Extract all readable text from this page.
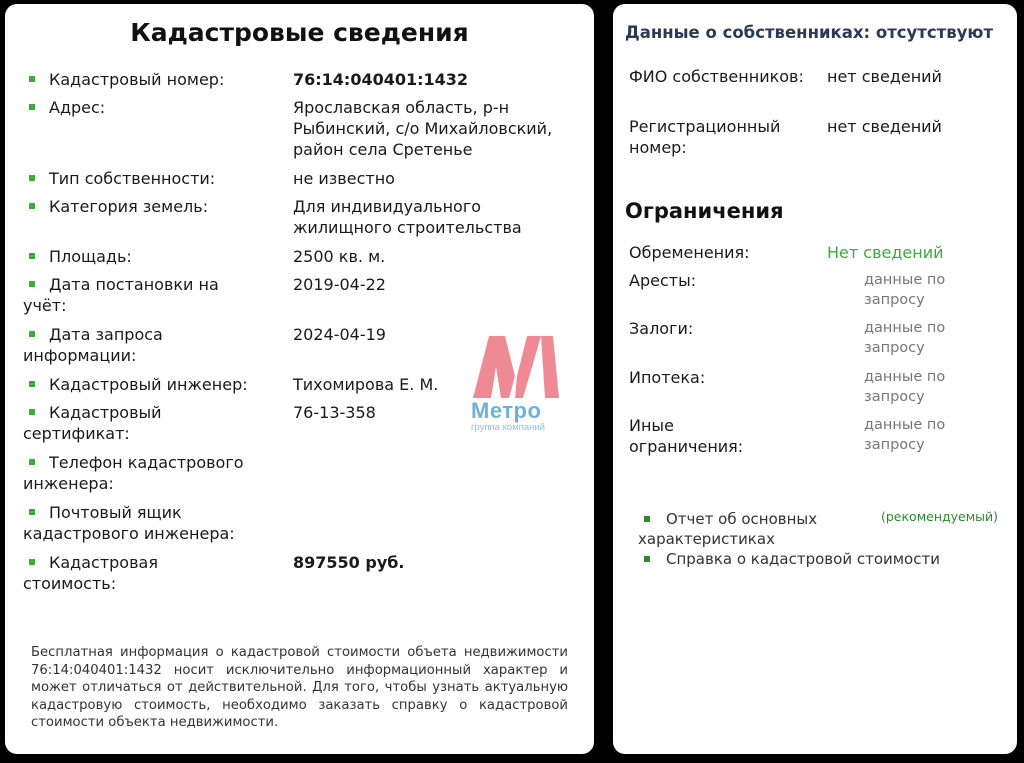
Кадастровые сведения
Кадастровый номер:	76:14:040401:1432
Адрес:	Ярославская область, р-н Рыбинский, с/о Михайловский, район села Сретенье
Тип собственности:	не известно
Категория земель:	Для индивидуального жилищного строительства
Площадь:	2500 кв. м.
Дата постановки на учёт:
2019-04-22
Дата запроса информации:
2024-04-19
Кадастровый инженер:	Тихомирова Е. М.
Кадастровый сертификат:
76-13-358
Телефон кадастрового инженера:
Почтовый ящик кадастрового инженера:
Кадастровая стоимость:
897550 руб.
Метро
группа компаний
Бесплатная информация о кадастровой стоимости объета недвижимости 76:14:040401:1432 носит исключительно информационный характер и может отличаться от действительной. Для того, чтобы узнать актуальную кадастровую стоимость, необходимо заказать справку о кадастровой стоимости объекта недвижимости.
Данные о собственниках: отсутствуют
ФИО собственников: нет сведений
Регистрационный номер:
нет сведений
Ограничения
Обременения:	Нет сведений
Аресты:	данные по запросу
Залоги:	данные по запросу
Ипотека:	данные по запросу
Иные ограничения:
данные по запросу
Отчет об основных характеристиках
(рекомендуемый)
Справка о кадастровой стоимости
